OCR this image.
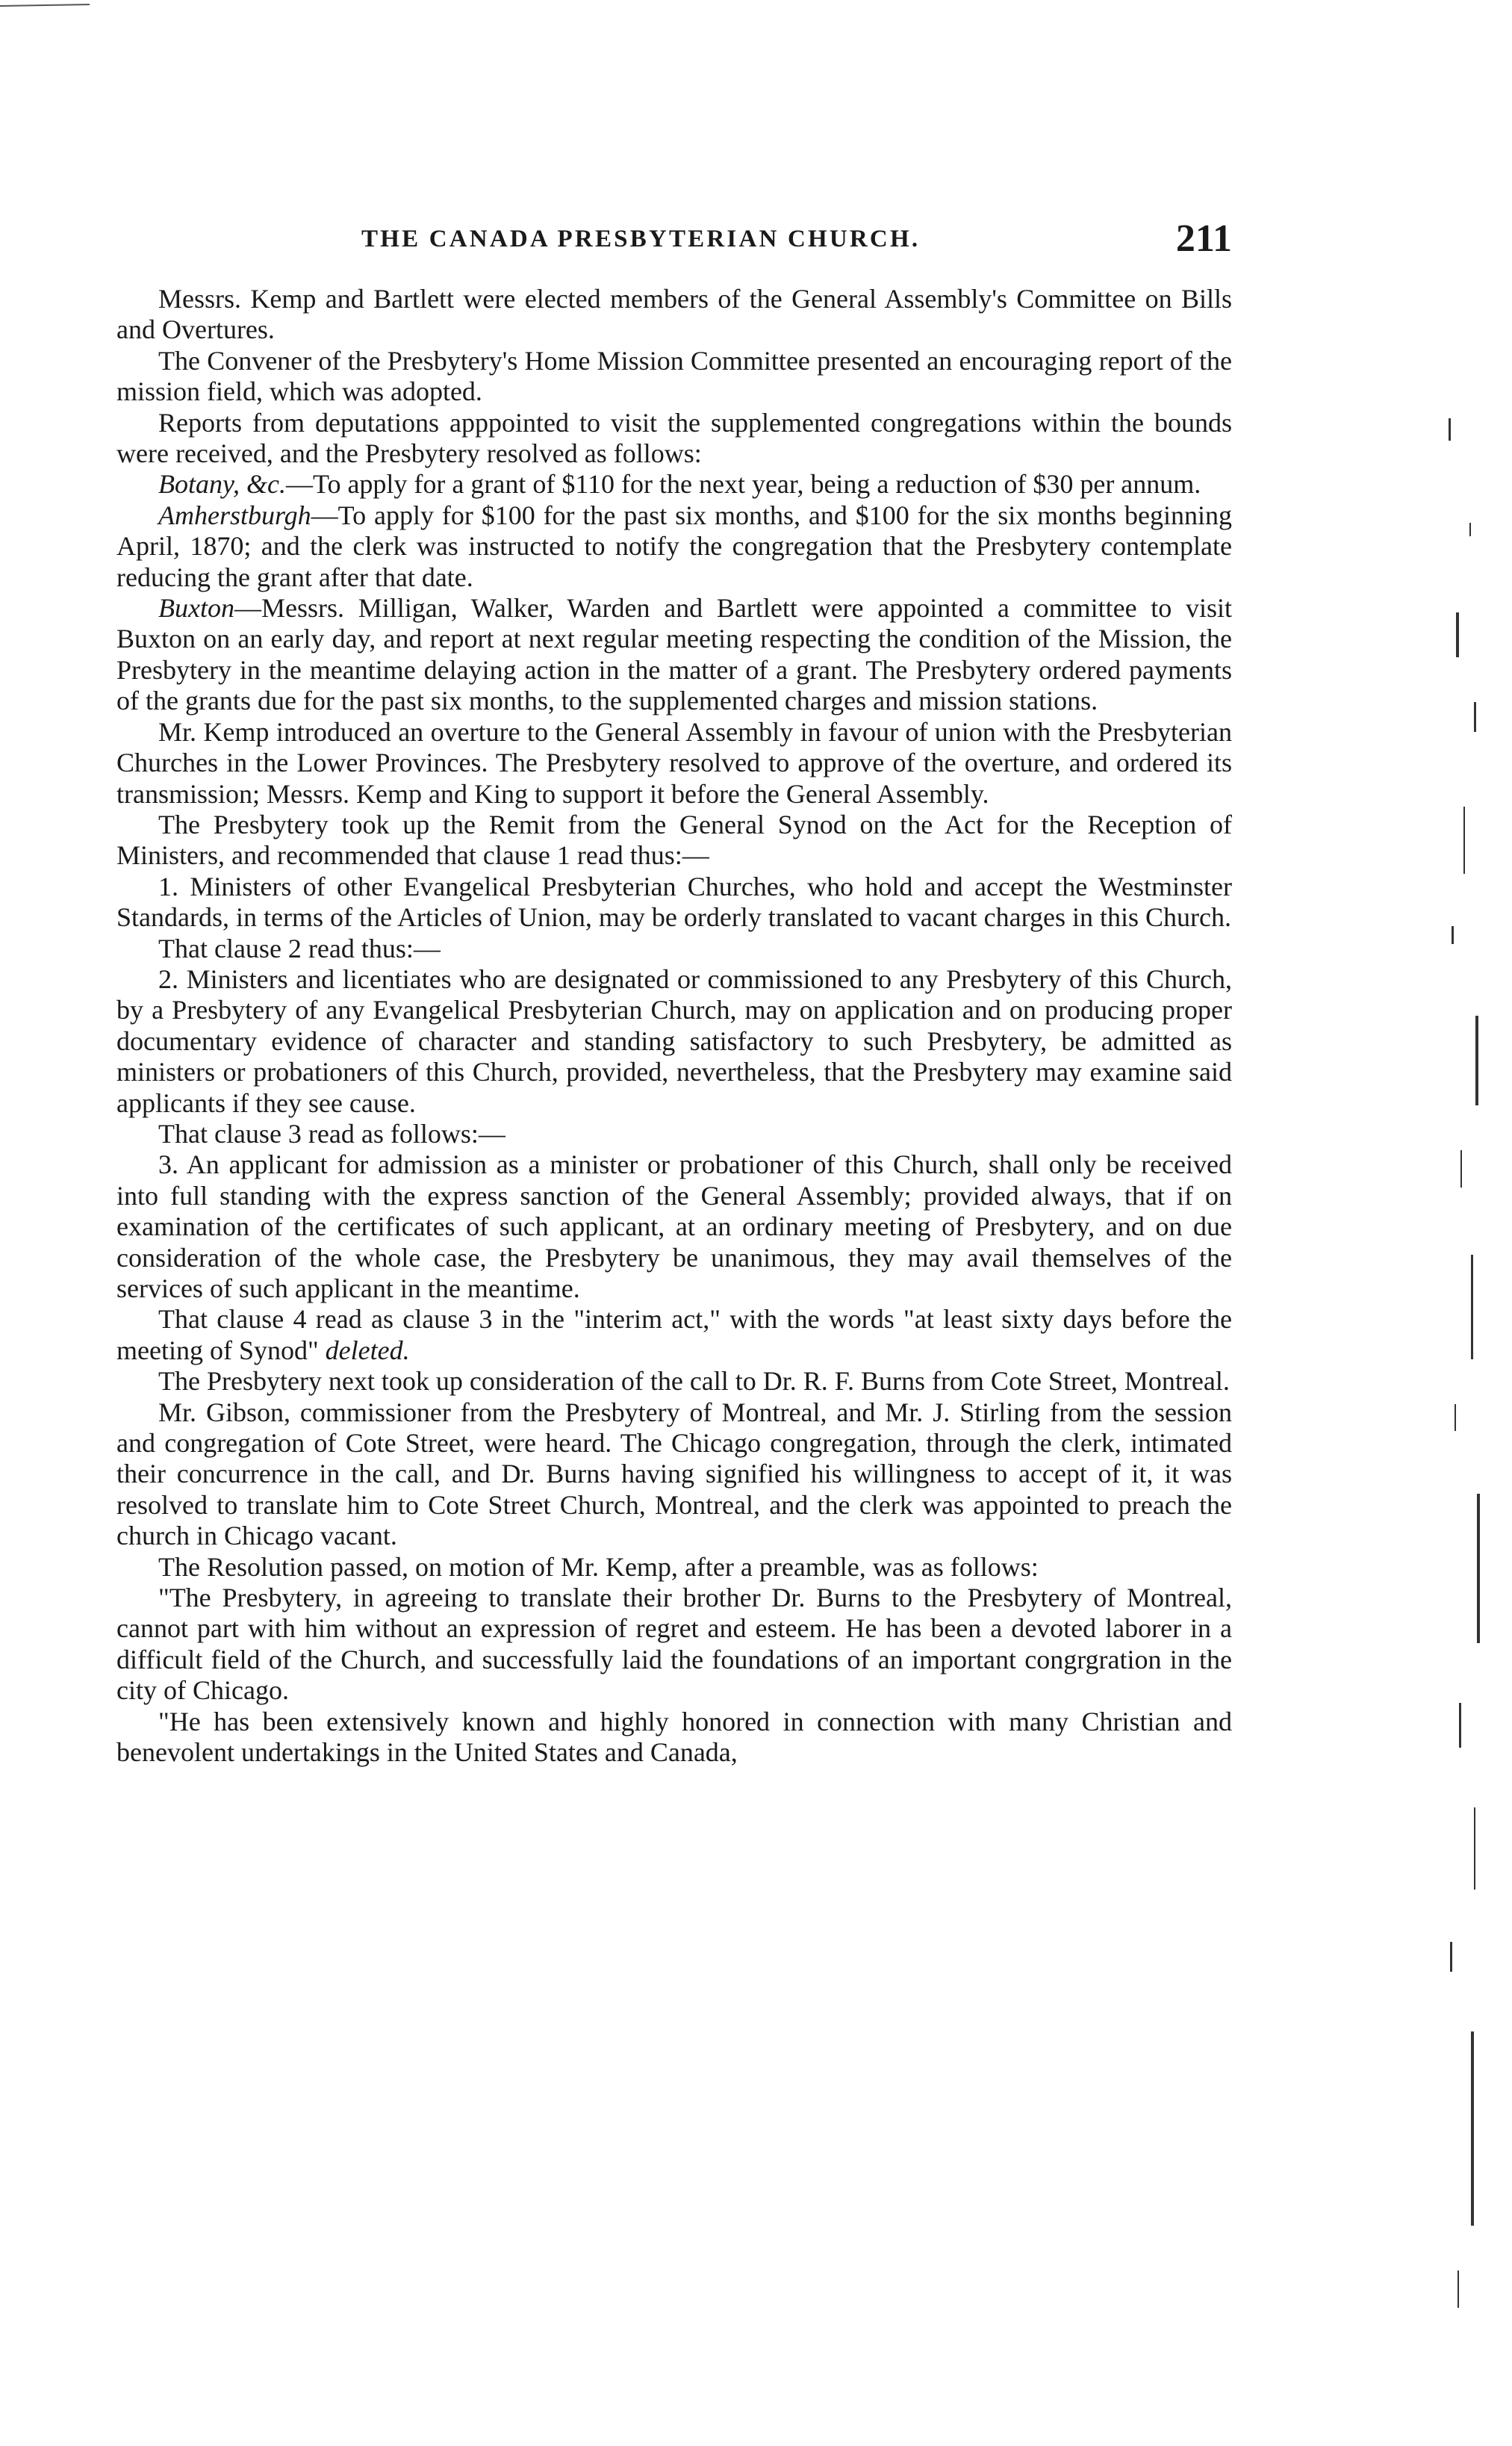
THE CANADA PRESBYTERIAN CHURCH.	211

Messrs. Kemp and Bartlett were elected members of the General Assembly's Committee on Bills and Overtures.

The Convener of the Presbytery's Home Mission Committee presented an encouraging report of the mission field, which was adopted.

Reports from deputations apppointed to visit the supplemented congregations within the bounds were received, and the Presbytery resolved as follows:

Botany, &c.—To apply for a grant of $110 for the next year, being a reduction of $30 per annum.

Amherstburgh—To apply for $100 for the past six months, and $100 for the six months beginning April, 1870; and the clerk was instructed to notify the congregation that the Presbytery contemplate reducing the grant after that date.

Buxton—Messrs. Milligan, Walker, Warden and Bartlett were appointed a committee to visit Buxton on an early day, and report at next regular meeting respecting the condition of the Mission, the Presbytery in the meantime delaying action in the matter of a grant. The Presbytery ordered payments of the grants due for the past six months, to the supplemented charges and mission stations.

Mr. Kemp introduced an overture to the General Assembly in favour of union with the Presbyterian Churches in the Lower Provinces. The Presbytery resolved to approve of the overture, and ordered its transmission; Messrs. Kemp and King to support it before the General Assembly.

The Presbytery took up the Remit from the General Synod on the Act for the Reception of Ministers, and recommended that clause 1 read thus:—

1. Ministers of other Evangelical Presbyterian Churches, who hold and accept the Westminster Standards, in terms of the Articles of Union, may be orderly translated to vacant charges in this Church.

That clause 2 read thus:—

2. Ministers and licentiates who are designated or commissioned to any Presbytery of this Church, by a Presbytery of any Evangelical Presbyterian Church, may on application and on producing proper documentary evidence of character and standing satisfactory to such Presbytery, be admitted as ministers or probationers of this Church, provided, nevertheless, that the Presbytery may examine said applicants if they see cause.

That clause 3 read as follows:—

3. An applicant for admission as a minister or probationer of this Church, shall only be received into full standing with the express sanction of the General Assembly; provided always, that if on examination of the certificates of such applicant, at an ordinary meeting of Presbytery, and on due consideration of the whole case, the Presbytery be unanimous, they may avail themselves of the services of such applicant in the meantime.

That clause 4 read as clause 3 in the "interim act," with the words "at least sixty days before the meeting of Synod" deleted.

The Presbytery next took up consideration of the call to Dr. R. F. Burns from Cote Street, Montreal.

Mr. Gibson, commissioner from the Presbytery of Montreal, and Mr. J. Stirling from the session and congregation of Cote Street, were heard. The Chicago congregation, through the clerk, intimated their concurrence in the call, and Dr. Burns having signified his willingness to accept of it, it was resolved to translate him to Cote Street Church, Montreal, and the clerk was appointed to preach the church in Chicago vacant.

The Resolution passed, on motion of Mr. Kemp, after a preamble, was as follows:

"The Presbytery, in agreeing to translate their brother Dr. Burns to the Presbytery of Montreal, cannot part with him without an expression of regret and esteem. He has been a devoted laborer in a difficult field of the Church, and successfully laid the foundations of an important congrgration in the city of Chicago.

"He has been extensively known and highly honored in connection with many Christian and benevolent undertakings in the United States and Canada,
